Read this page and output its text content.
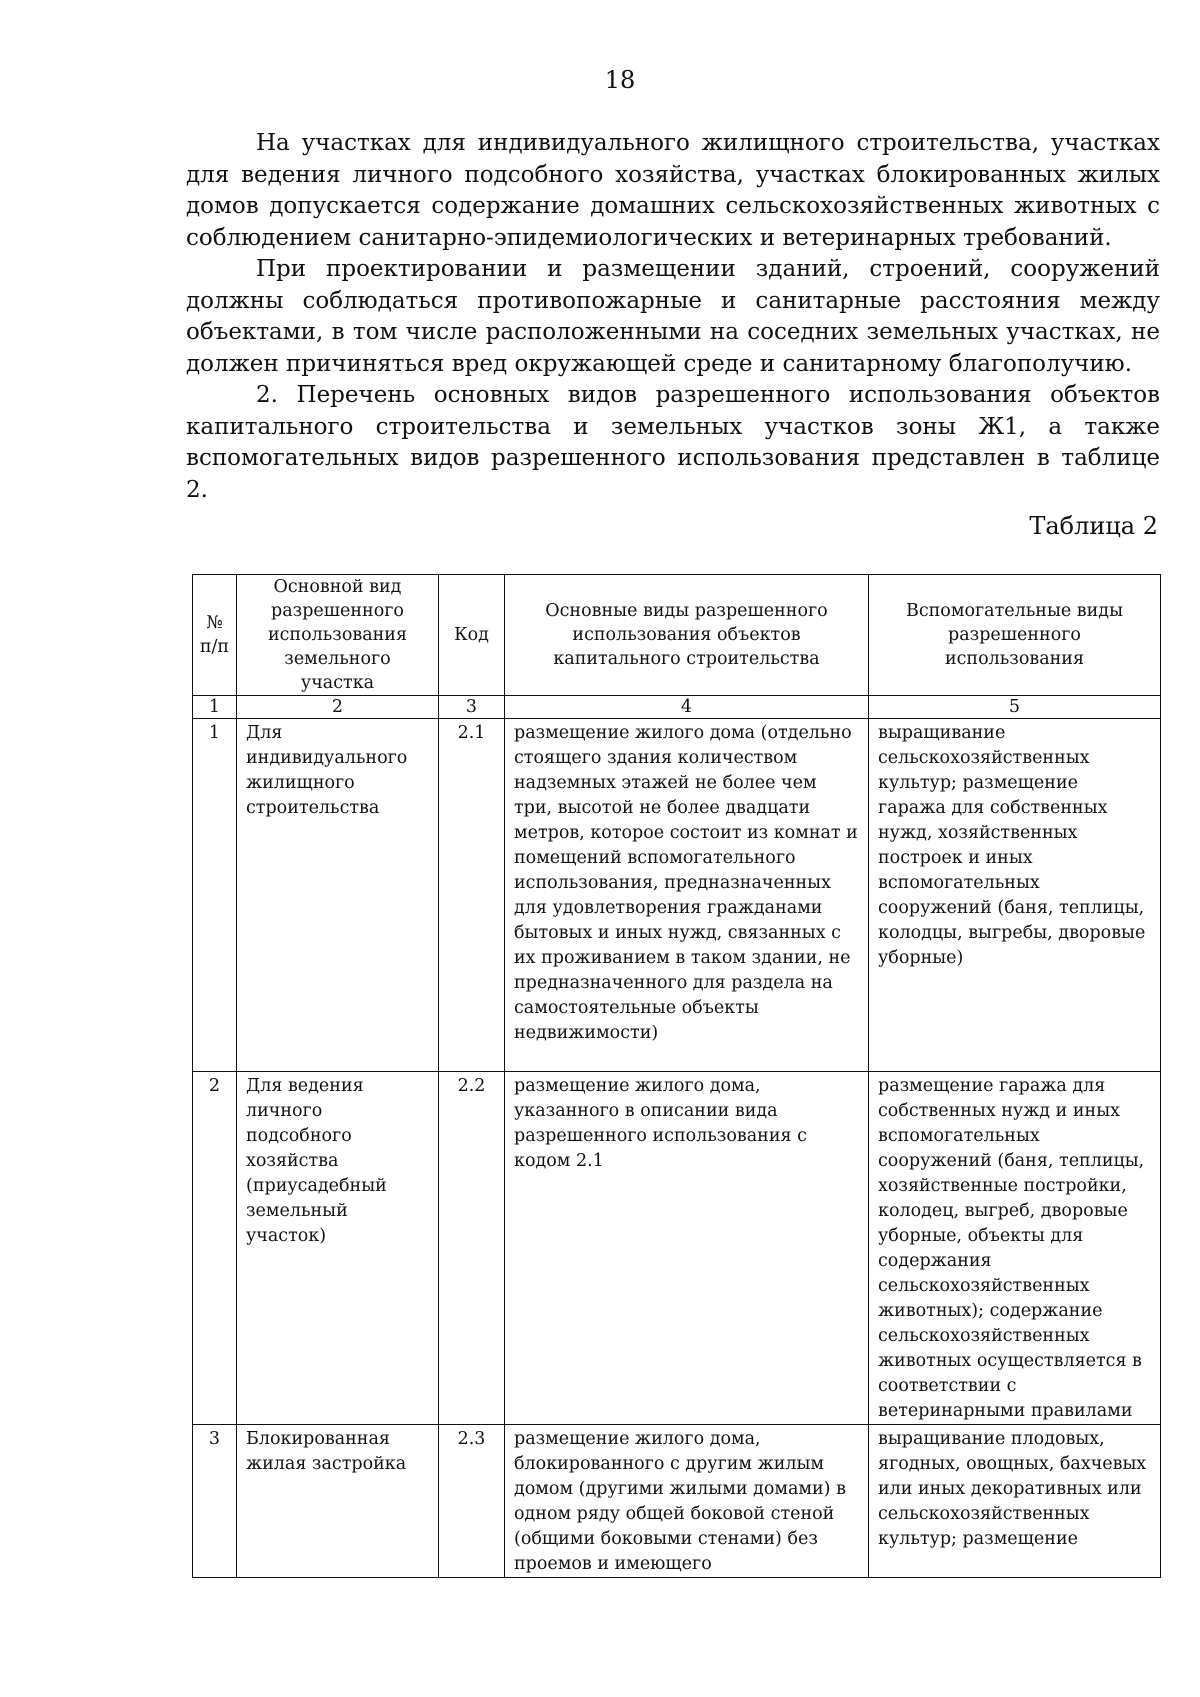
18

На участках для индивидуального жилищного строительства, участках для ведения личного подсобного хозяйства, участках блокированных жилых домов допускается содержание домашних сельскохозяйственных животных с соблюдением санитарно-эпидемиологических и ветеринарных требований.

При проектировании и размещении зданий, строений, сооружений должны соблюдаться противопожарные и санитарные расстояния между объектами, в том числе расположенными на соседних земельных участках, не должен причиняться вред окружающей среде и санитарному благополучию.

2. Перечень основных видов разрешенного использования объектов капитального строительства и земельных участков зоны Ж1, а также вспомогательных видов разрешенного использования представлен в таблице 2.

Таблица 2
№ п/п	Основной вид разрешенного использования земельного участка	Код	Основные виды разрешенного использования объектов капитального строительства	Вспомогательные виды разрешенного использования
1	2	3	4	5
1	Для индивидуального жилищного строительства	2.1	размещение жилого дома (отдельно стоящего здания количеством надземных этажей не более чем три, высотой не более двадцати метров, которое состоит из комнат и помещений вспомогательного использования, предназначенных для удовлетворения гражданами бытовых и иных нужд, связанных с их проживанием в таком здании, не предназначенного для раздела на самостоятельные объекты недвижимости)	выращивание сельскохозяйственных культур; размещение гаража для собственных нужд, хозяйственных построек и иных вспомогательных сооружений (баня, теплицы, колодцы, выгребы, дворовые уборные)
2	Для ведения личного подсобного хозяйства (приусадебный земельный участок)	2.2	размещение жилого дома, указанного в описании вида разрешенного использования с кодом 2.1	размещение гаража для собственных нужд и иных вспомогательных сооружений (баня, теплицы, хозяйственные постройки, колодец, выгреб, дворовые уборные, объекты для содержания сельскохозяйственных животных); содержание сельскохозяйственных животных осуществляется в соответствии с ветеринарными правилами
3	Блокированная жилая застройка	2.3	размещение жилого дома, блокированного с другим жилым домом (другими жилыми домами) в одном ряду общей боковой стеной (общими боковыми стенами) без проемов и имеющего	выращивание плодовых, ягодных, овощных, бахчевых или иных декоративных или сельскохозяйственных культур; размещение
